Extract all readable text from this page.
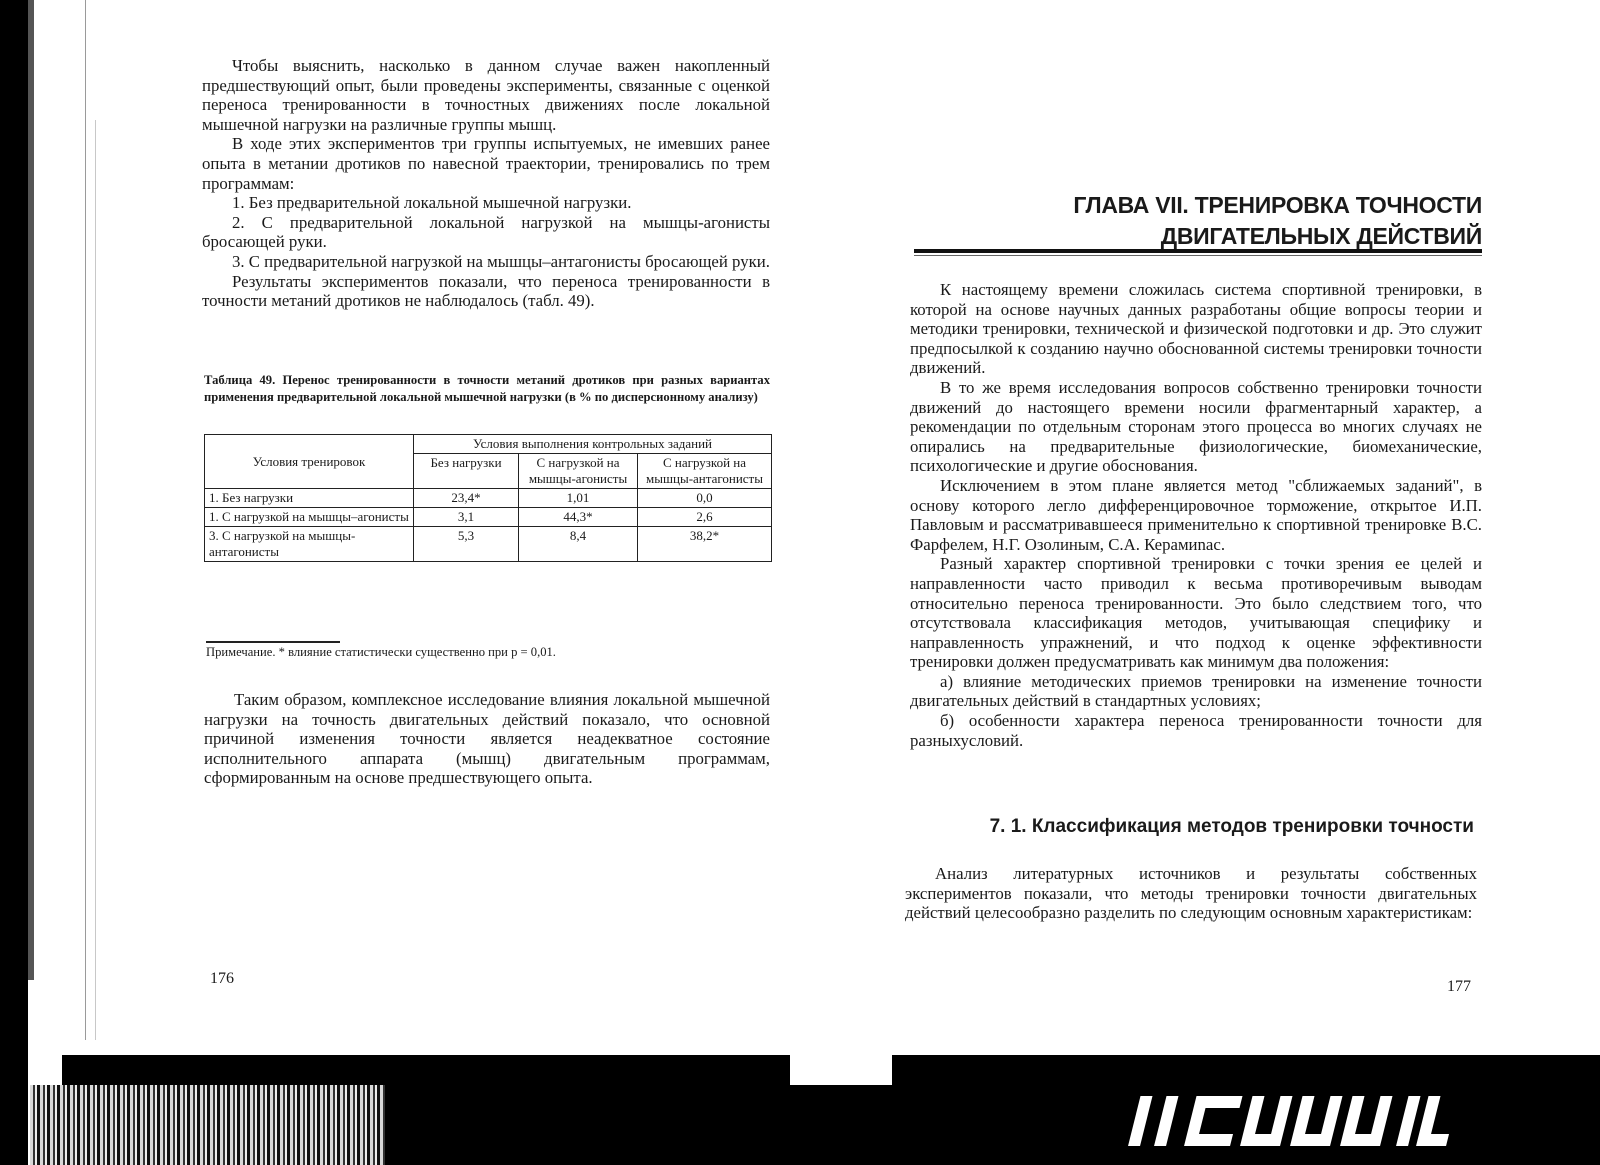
Чтобы выяснить, насколько в данном случае важен накопленный предшествующий опыт, были проведены эксперименты, связанные с оценкой переноса тренированности в точностных движениях после локальной мышечной нагрузки на различные группы мышц.

В ходе этих экспериментов три группы испытуемых, не имевших ранее опыта в метании дротиков по навесной траектории, тренировались по трем программам:

1. Без предварительной локальной мышечной нагрузки.

2. С предварительной локальной нагрузкой на мышцы-агонисты бросающей руки.

3. С предварительной нагрузкой на мышцы–антагонисты бросающей руки.

Результаты экспериментов показали, что переноса тренированности в точности метаний дротиков не наблюдалось (табл. 49).

Таблица 49. Перенос тренированности в точности метаний дротиков при разных вариантах применения предварительной локальной мышечной нагрузки (в % по дисперсионному анализу)
Условия тренировок	Условия выполнения контрольных заданий		
	Без нагрузки	С нагрузкой на мышцы-агонисты	С нагрузкой на мышцы-антагонисты
1. Без нагрузки	23,4*	1,01	0,0
1. С нагрузкой на мышцы–агонисты	3,1	44,3*	2,6
3. С нагрузкой на мышцы-антагонисты	5,3	8,4	38,2*
Примечание. * влияние статистически существенно при р = 0,01.

Таким образом, комплексное исследование влияния локальной мышечной нагрузки на точность двигательных действий показало, что основной причиной изменения точности является неадекватное состояние исполнительного аппарата (мышц) двигательным программам, сформированным на основе предшествующего опыта.

176
ГЛАВА VII. ТРЕНИРОВКА ТОЧНОСТИ
ДВИГАТЕЛЬНЫХ ДЕЙСТВИЙ

К настоящему времени сложилась система спортивной тренировки, в которой на основе научных данных разработаны общие вопросы теории и методики тренировки, технической и физической подготовки и др. Это служит предпосылкой к созданию научно обоснованной системы тренировки точности движений.

В то же время исследования вопросов собственно тренировки точности движений до настоящего времени носили фрагментарный характер, а рекомендации по отдельным сторонам этого процесса во многих случаях не опирались на предварительные физиологические, биомеханические, психологические и другие обоснования.

Исключением в этом плане является метод "сближаемых заданий", в основу которого легло дифференцировочное торможение, открытое И.П. Павловым и рассматривавшееся применительно к спортивной тренировке В.С. Фарфелем, Н.Г. Озолиным, С.А. Керамиnас.

Разный характер спортивной тренировки с точки зрения ее целей и направленности часто приводил к весьма противоречивым выводам относительно переноса тренированности. Это было следствием того, что отсутствовала классификация методов, учитывающая специфику и направленность упражнений, и что подход к оценке эффективности тренировки должен предусматривать как минимум два положения:

а) влияние методических приемов тренировки на изменение точности двигательных действий в стандартных условиях;

б) особенности характера переноса тренированности точности для разныхусловий.

7. 1. Классификация методов тренировки точности

Анализ литературных источников и результаты собственных экспериментов показали, что методы тренировки точности двигательных действий целесообразно разделить по следующим основным характеристикам:

177
